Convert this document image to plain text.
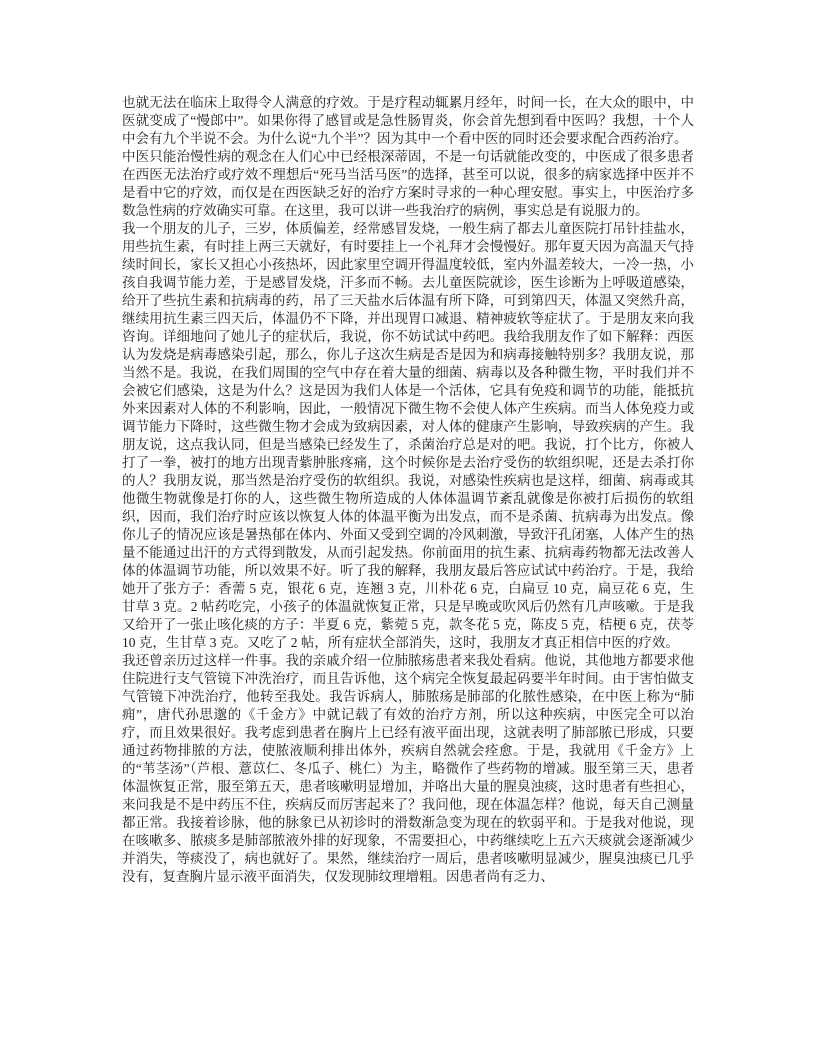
也就无法在临床上取得令人满意的疗效。于是疗程动辄累月经年，时间一长，在大众的眼中，中医就变成了“慢郎中”。如果你得了感冒或是急性肠胃炎，你会首先想到看中医吗？我想，十个人中会有九个半说不会。为什么说“九个半”？因为其中一个看中医的同时还会要求配合西药治疗。

中医只能治慢性病的观念在人们心中已经根深蒂固，不是一句话就能改变的，中医成了很多患者在西医无法治疗或疗效不理想后“死马当活马医”的选择，甚至可以说，很多的病家选择中医并不是看中它的疗效，而仅是在西医缺乏好的治疗方案时寻求的一种心理安慰。事实上，中医治疗多数急性病的疗效确实可靠。在这里，我可以讲一些我治疗的病例，事实总是有说服力的。

我一个朋友的儿子，三岁，体质偏差，经常感冒发烧，一般生病了都去儿童医院打吊针挂盐水，用些抗生素，有时挂上两三天就好，有时要挂上一个礼拜才会慢慢好。那年夏天因为高温天气持续时间长，家长又担心小孩热坏，因此家里空调开得温度较低，室内外温差较大，一冷一热，小孩自我调节能力差，于是感冒发烧，汗多而不畅。去儿童医院就诊，医生诊断为上呼吸道感染，给开了些抗生素和抗病毒的药，吊了三天盐水后体温有所下降，可到第四天，体温又突然升高，继续用抗生素三四天后，体温仍不下降，并出现胃口减退、精神疲软等症状了。于是朋友来向我咨询。详细地问了她儿子的症状后，我说，你不妨试试中药吧。我给我朋友作了如下解释：西医认为发烧是病毒感染引起，那么，你儿子这次生病是否是因为和病毒接触特别多？我朋友说，那当然不是。我说，在我们周围的空气中存在着大量的细菌、病毒以及各种微生物，平时我们并不会被它们感染，这是为什么？这是因为我们人体是一个活体，它具有免疫和调节的功能，能抵抗外来因素对人体的不利影响，因此，一般情况下微生物不会使人体产生疾病。而当人体免疫力或调节能力下降时，这些微生物才会成为致病因素，对人体的健康产生影响，导致疾病的产生。我朋友说，这点我认同，但是当感染已经发生了，杀菌治疗总是对的吧。我说，打个比方，你被人打了一拳，被打的地方出现青紫肿胀疼痛，这个时候你是去治疗受伤的软组织呢，还是去杀打你的人？我朋友说，那当然是治疗受伤的软组织。我说，对感染性疾病也是这样，细菌、病毒或其他微生物就像是打你的人，这些微生物所造成的人体体温调节紊乱就像是你被打后损伤的软组织，因而，我们治疗时应该以恢复人体的体温平衡为出发点，而不是杀菌、抗病毒为出发点。像你儿子的情况应该是暑热郁在体内、外面又受到空调的冷风刺激，导致汗孔闭塞，人体产生的热量不能通过出汗的方式得到散发，从而引起发热。你前面用的抗生素、抗病毒药物都无法改善人体的体温调节功能，所以效果不好。听了我的解释，我朋友最后答应试试中药治疗。于是，我给她开了张方子：香薷 5 克，银花 6 克，连翘 3 克，川朴花 6 克，白扁豆 10 克，扁豆花 6 克，生甘草 3 克。2 帖药吃完，小孩子的体温就恢复正常，只是早晚或吹风后仍然有几声咳嗽。于是我又给开了一张止咳化痰的方子：半夏 6 克，紫菀 5 克，款冬花 5 克，陈皮 5 克，桔梗 6 克，茯苓 10 克，生甘草 3 克。又吃了 2 帖，所有症状全部消失，这时，我朋友才真正相信中医的疗效。

我还曾亲历过这样一件事。我的亲戚介绍一位肺脓疡患者来我处看病。他说，其他地方都要求他住院进行支气管镜下冲洗治疗，而且告诉他，这个病完全恢复最起码要半年时间。由于害怕做支气管镜下冲洗治疗，他转至我处。我告诉病人，肺脓疡是肺部的化脓性感染，在中医上称为“肺痈”，唐代孙思邈的《千金方》中就记载了有效的治疗方剂，所以这种疾病，中医完全可以治疗，而且效果很好。我考虑到患者在胸片上已经有液平面出现，这就表明了肺部脓已形成，只要通过药物排脓的方法，使脓液顺利排出体外，疾病自然就会痊愈。于是，我就用《千金方》上的“苇茎汤”（芦根、薏苡仁、冬瓜子、桃仁）为主，略微作了些药物的增减。服至第三天，患者体温恢复正常，服至第五天，患者咳嗽明显增加，并咯出大量的腥臭浊痰，这时患者有些担心，来问我是不是中药压不住，疾病反而厉害起来了？我问他，现在体温怎样？他说，每天自己测量都正常。我接着诊脉，他的脉象已从初诊时的滑数渐急变为现在的软弱平和。于是我对他说，现在咳嗽多、脓痰多是肺部脓液外排的好现象，不需要担心，中药继续吃上五六天痰就会逐渐减少并消失，等痰没了，病也就好了。果然，继续治疗一周后，患者咳嗽明显减少，腥臭浊痰已几乎没有，复查胸片显示液平面消失，仅发现肺纹理增粗。因患者尚有乏力、
